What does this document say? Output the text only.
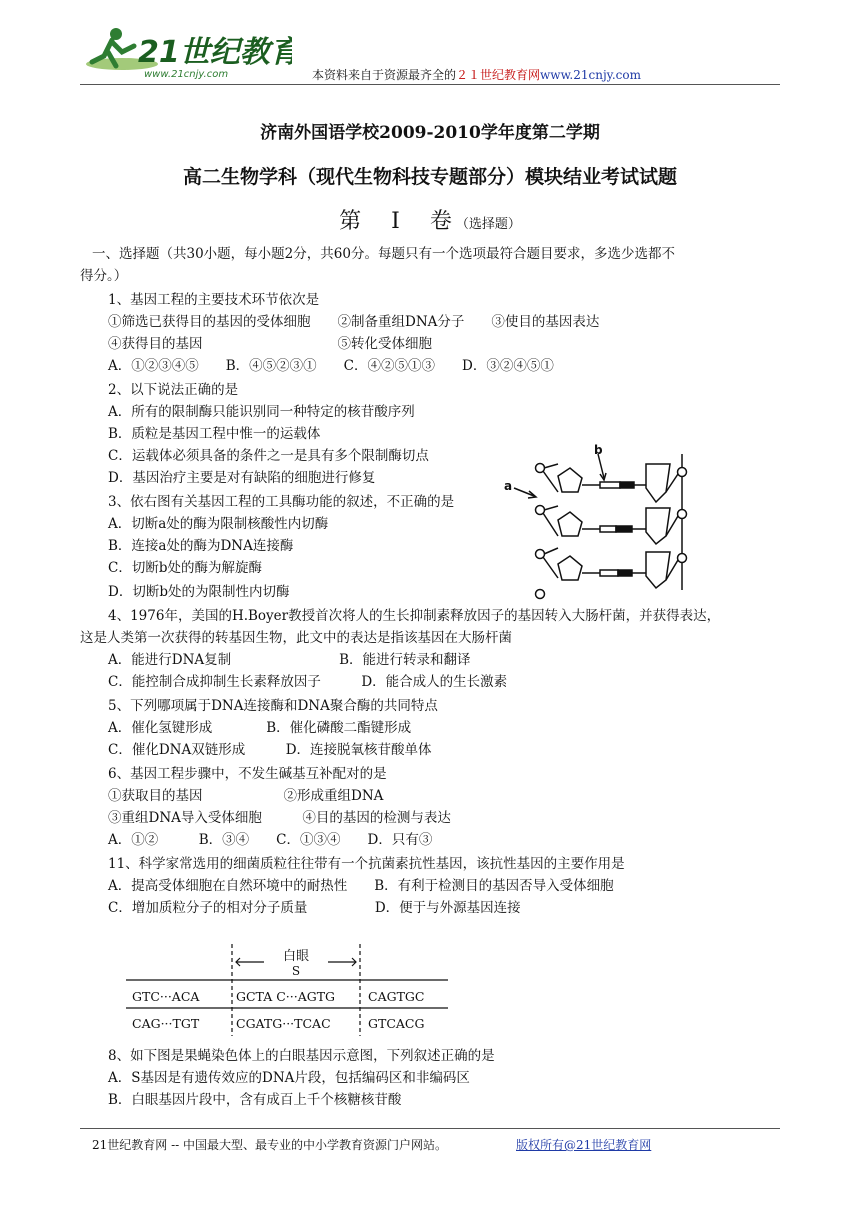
21世纪教育
www.21cnjy.com	本资料来自于资源最齐全的２１世纪教育网www.21cnjy.com
济南外国语学校2009-2010学年度第二学期
高二生物学科（现代生物科技专题部分）模块结业考试试题
第　Ⅰ　卷（选择题）
一、选择题（共30小题，每小题2分，共60分。每题只有一个选项最符合题目要求，多选少选都不
得分。）
1、基因工程的主要技术环节依次是
①筛选已获得目的基因的受体细胞　　②制备重组DNA分子　　③使目的基因表达
④获得目的基因　　　　　　　　　　⑤转化受体细胞
A．①②③④⑤　　B．④⑤②③①　　C．④②⑤①③　　D．③②④⑤①
2、以下说法正确的是
A．所有的限制酶只能识别同一种特定的核苷酸序列
B．质粒是基因工程中惟一的运载体
C．运载体必须具备的条件之一是具有多个限制酶切点
D．基因治疗主要是对有缺陷的细胞进行修复
3、依右图有关基因工程的工具酶功能的叙述，不正确的是
A．切断a处的酶为限制核酸性内切酶
B．连接a处的酶为DNA连接酶
C．切断b处的酶为解旋酶
D．切断b处的为限制性内切酶
4、1976年，美国的H.Boyer教授首次将人的生长抑制素释放因子的基因转入大肠杆菌，并获得表达，
这是人类第一次获得的转基因生物，此文中的表达是指该基因在大肠杆菌
A．能进行DNA复制　　　　　　　　B．能进行转录和翻译
C．能控制合成抑制生长素释放因子　　　D．能合成人的生长激素
5、下列哪项属于DNA连接酶和DNA聚合酶的共同特点
A．催化氢键形成　　　　B．催化磷酸二酯键形成
C．催化DNA双链形成　　　D．连接脱氧核苷酸单体
6、基因工程步骤中，不发生碱基互补配对的是
①获取目的基因　　　　　　②形成重组DNA
③重组DNA导入受体细胞　　　④目的基因的检测与表达
A．①②　　　B．③④　　C．①③④　　D．只有③
11、科学家常选用的细菌质粒往往带有一个抗菌素抗性基因，该抗性基因的主要作用是
A．提高受体细胞在自然环境中的耐热性　　B．有利于检测目的基因否导入受体细胞
C．增加质粒分子的相对分子质量　　　　　D．便于与外源基因连接
8、如下图是果蝇染色体上的白眼基因示意图，下列叙述正确的是
A．S基因是有遗传效应的DNA片段，包括编码区和非编码区
B．白眼基因片段中，含有成百上千个核糖核苷酸
b
a
白眼
S
GTC···ACA	GCTA C···AGTG	CAGTGC
CAG···TGT	CGATG···TCAC	GTCACG
21世纪教育网 -- 中国最大型、最专业的中小学教育资源门户网站。	版权所有@21世纪教育网
